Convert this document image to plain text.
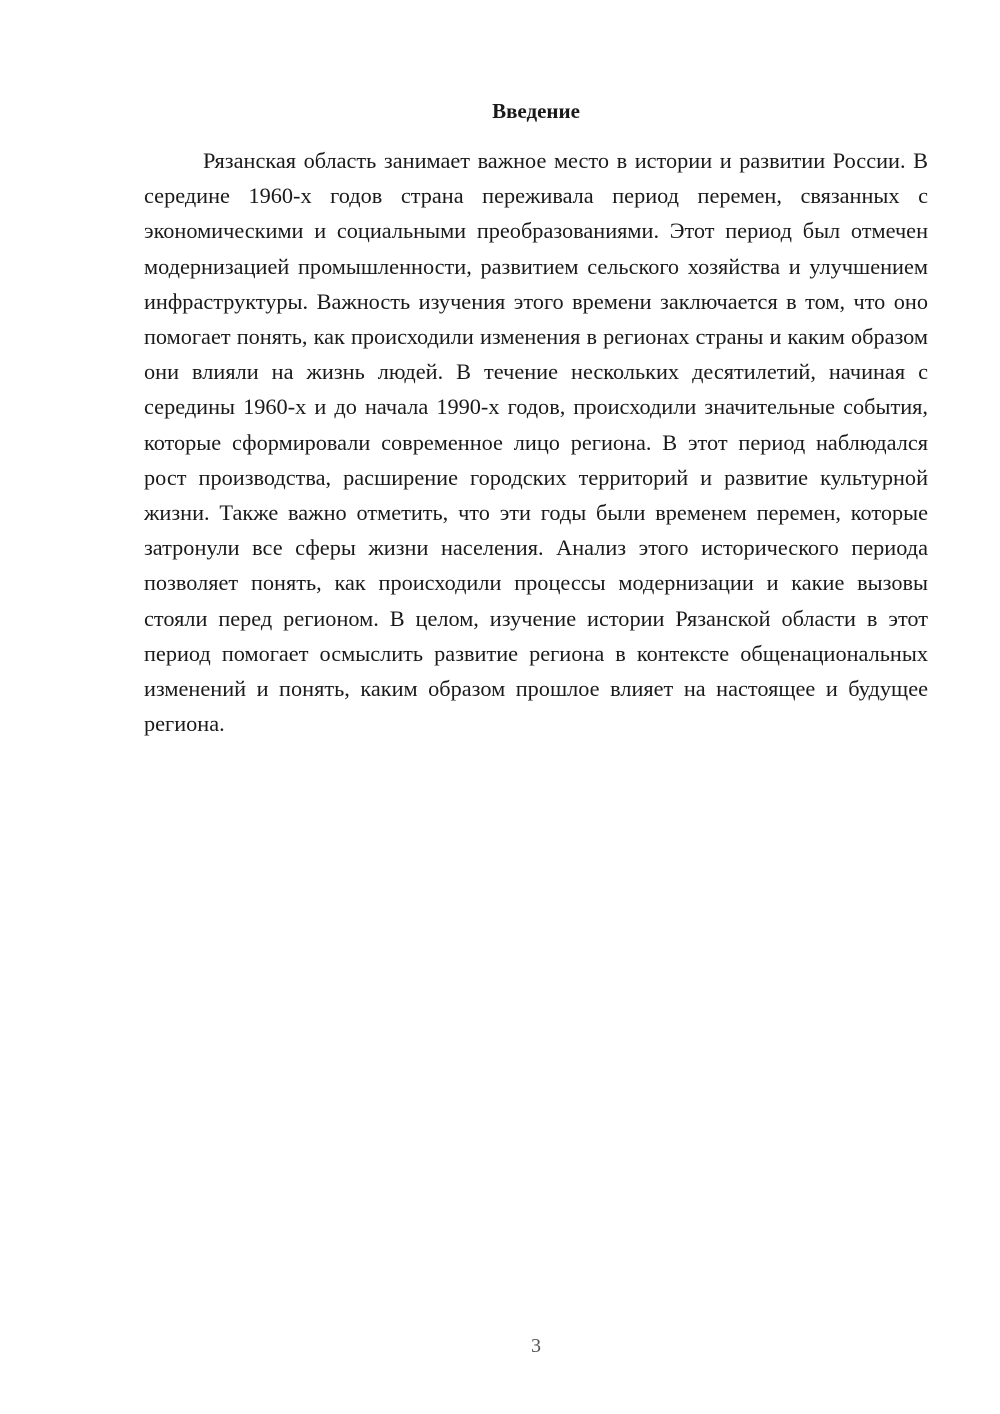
Введение

Рязанская область занимает важное место в истории и развитии России. В середине 1960-х годов страна переживала период перемен, связанных с экономическими и социальными преобразованиями. Этот период был отмечен модернизацией промышленности, развитием сельского хозяйства и улучшением инфраструктуры. Важность изучения этого времени заключается в том, что оно помогает понять, как происходили изменения в регионах страны и каким образом они влияли на жизнь людей. В течение нескольких десятилетий, начиная с середины 1960-х и до начала 1990-х годов, происходили значительные события, которые сформировали современное лицо региона. В этот период наблюдался рост производства, расширение городских территорий и развитие культурной жизни. Также важно отметить, что эти годы были временем перемен, которые затронули все сферы жизни населения. Анализ этого исторического периода позволяет понять, как происходили процессы модернизации и какие вызовы стояли перед регионом. В целом, изучение истории Рязанской области в этот период помогает осмыслить развитие региона в контексте общенациональных изменений и понять, каким образом прошлое влияет на настоящее и будущее региона.

3
